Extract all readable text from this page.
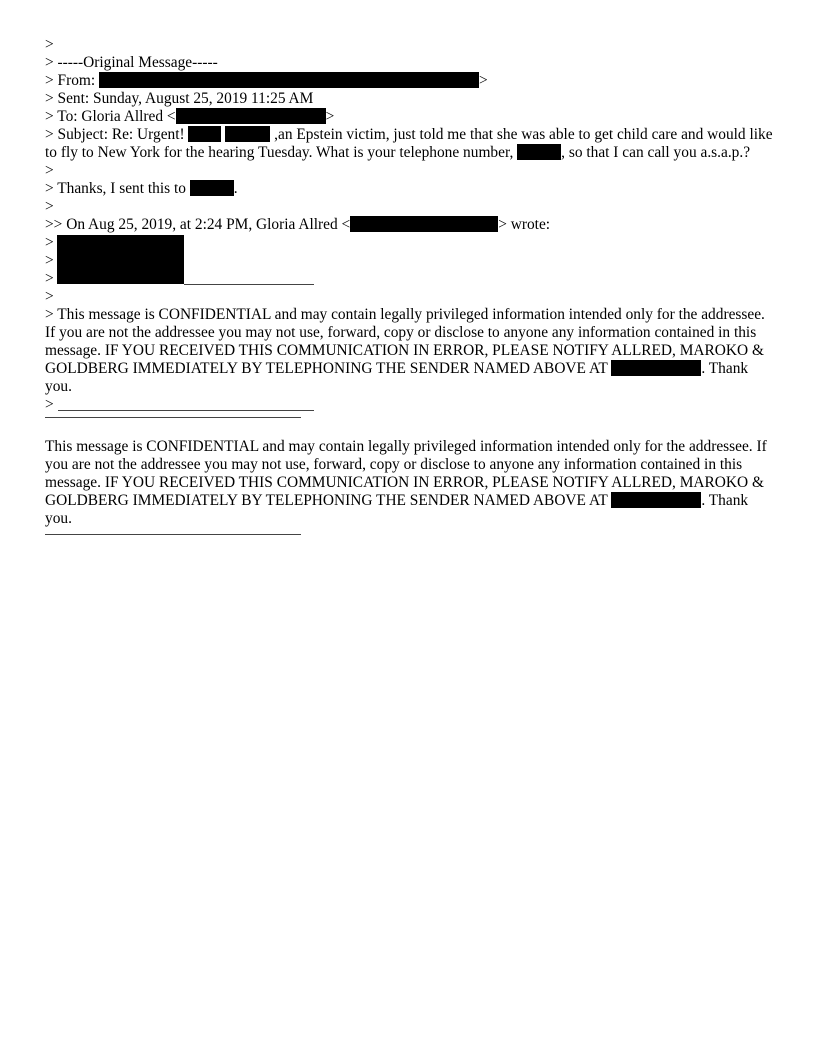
>
> -----Original Message-----
> From:	>
> Sent: Sunday, August 25, 2019 11:25 AM
> To: Gloria Allred <	>
> Subject: Re: Urgent!	,an Epstein victim, just told me that she was able to get child care and would like to fly to New York for the hearing Tuesday. What is your telephone number,	, so that I can call you a.s.a.p.?
>
> Thanks, I sent this to	.
>
>> On Aug 25, 2019, at 2:24 PM, Gloria Allred <	> wrote:
>
>
>
>
> This message is CONFIDENTIAL and may contain legally privileged information intended only for the addressee. If you are not the addressee you may not use, forward, copy or disclose to anyone any information contained in this message. IF YOU RECEIVED THIS COMMUNICATION IN ERROR, PLEASE NOTIFY ALLRED, MAROKO & GOLDBERG IMMEDIATELY BY TELEPHONING THE SENDER NAMED ABOVE AT	. Thank you.
>
This message is CONFIDENTIAL and may contain legally privileged information intended only for the addressee. If you are not the addressee you may not use, forward, copy or disclose to anyone any information contained in this message. IF YOU RECEIVED THIS COMMUNICATION IN ERROR, PLEASE NOTIFY ALLRED, MAROKO & GOLDBERG IMMEDIATELY BY TELEPHONING THE SENDER NAMED ABOVE AT	. Thank you.
